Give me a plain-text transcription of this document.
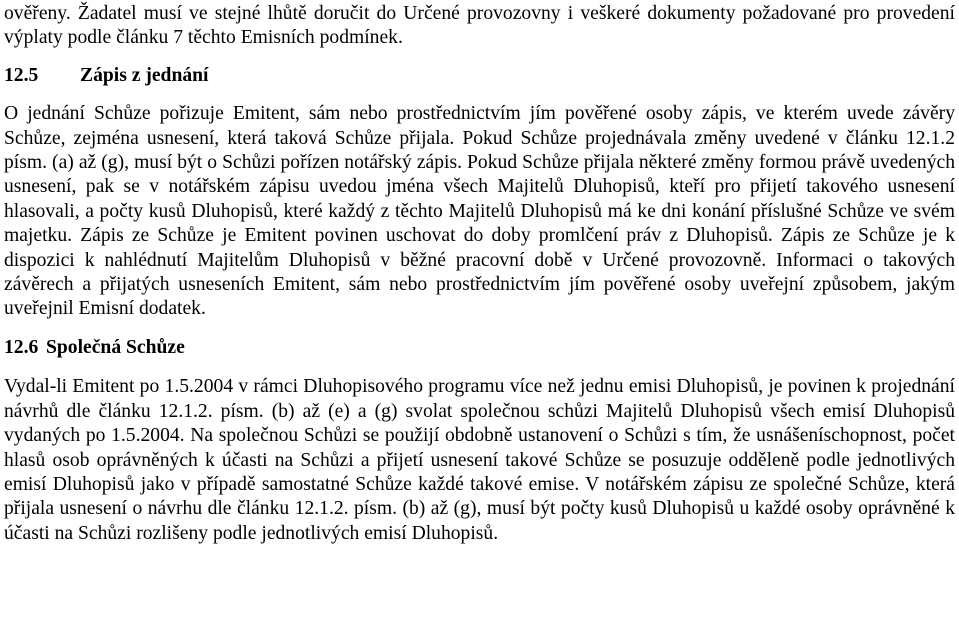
ověřeny. Žadatel musí ve stejné lhůtě doručit do Určené provozovny i veškeré dokumenty požadované pro provedení výplaty podle článku 7 těchto Emisních podmínek.

12.5 Zápis z jednání

O jednání Schůze pořizuje Emitent, sám nebo prostřednictvím jím pověřené osoby zápis, ve kterém uvede závěry Schůze, zejména usnesení, která taková Schůze přijala. Pokud Schůze projednávala změny uvedené v článku 12.1.2 písm. (a) až (g), musí být o Schůzi pořízen notářský zápis. Pokud Schůze přijala některé změny formou právě uvedených usnesení, pak se v notářském zápisu uvedou jména všech Majitelů Dluhopisů, kteří pro přijetí takového usnesení hlasovali, a počty kusů Dluhopisů, které každý z těchto Majitelů Dluhopisů má ke dni konání příslušné Schůze ve svém majetku. Zápis ze Schůze je Emitent povinen uschovat do doby promlčení práv z Dluhopisů. Zápis ze Schůze je k dispozici k nahlédnutí Majitelům Dluhopisů v běžné pracovní době v Určené provozovně. Informaci o takových závěrech a přijatých usneseních Emitent, sám nebo prostřednictvím jím pověřené osoby uveřejní způsobem, jakým uveřejnil Emisní dodatek.

12.6 Společná Schůze

Vydal-li Emitent po 1.5.2004 v rámci Dluhopisového programu více než jednu emisi Dluhopisů, je povinen k projednání návrhů dle článku 12.1.2. písm. (b) až (e) a (g) svolat společnou schůzi Majitelů Dluhopisů všech emisí Dluhopisů vydaných po 1.5.2004. Na společnou Schůzi se použijí obdobně ustanovení o Schůzi s tím, že usnášeníschopnost, počet hlasů osob oprávněných k účasti na Schůzi a přijetí usnesení takové Schůze se posuzuje odděleně podle jednotlivých emisí Dluhopisů jako v případě samostatné Schůze každé takové emise. V notářském zápisu ze společné Schůze, která přijala usnesení o návrhu dle článku 12.1.2. písm. (b) až (g), musí být počty kusů Dluhopisů u každé osoby oprávněné k účasti na Schůzi rozlišeny podle jednotlivých emisí Dluhopisů.
